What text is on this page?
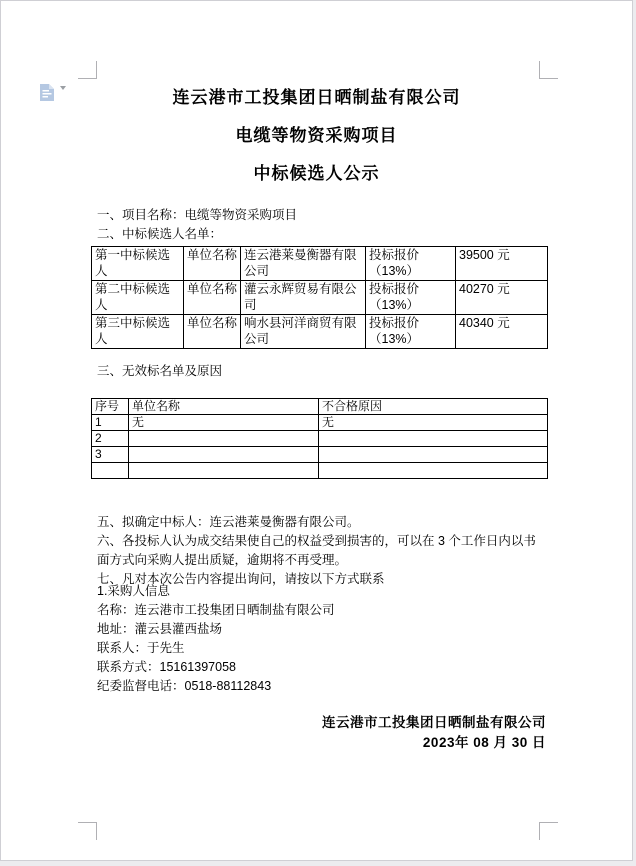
连云港市工投集团日晒制盐有限公司
电缆等物资采购项目
中标候选人公示
一、项目名称：电缆等物资采购项目
二、中标候选人名单：
第一中标候选人	单位名称	连云港莱曼衡器有限公司	投标报价（13%）	39500 元
第二中标候选人	单位名称	灌云永辉贸易有限公司	投标报价（13%）	40270 元
第三中标候选人	单位名称	响水县河洋商贸有限公司	投标报价（13%）	40340 元
三、无效标名单及原因
序号	单位名称	不合格原因
1	无	无
2		
3		

五、拟确定中标人：连云港莱曼衡器有限公司。
六、各投标人认为成交结果使自己的权益受到损害的，可以在 3 个工作日内以书面方式向采购人提出质疑，逾期将不再受理。
七、凡对本次公告内容提出询问，请按以下方式联系
1.采购人信息
名称：连云港市工投集团日晒制盐有限公司
地址：灌云县灌西盐场
联系人：于先生
联系方式：15161397058
纪委监督电话：0518-88112843
连云港市工投集团日晒制盐有限公司
2023年 08 月 30 日
